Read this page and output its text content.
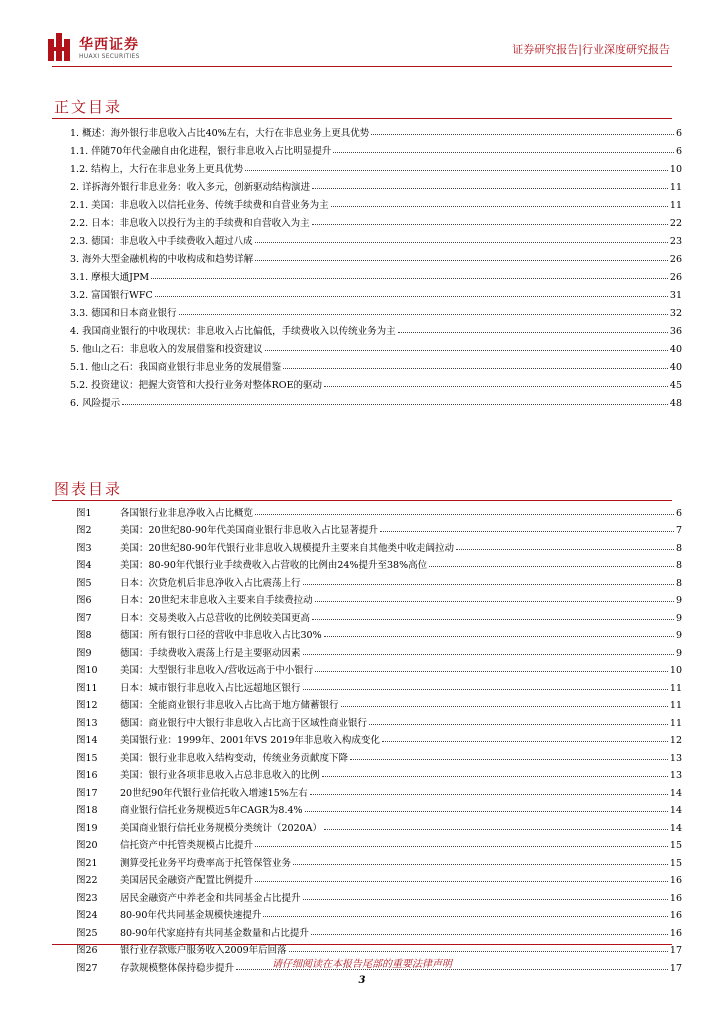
华西证券
HUAXI SECURITIES
证券研究报告|行业深度研究报告
正文目录
1. 概述：海外银行非息收入占比40%左右，大行在非息业务上更具优势	6
1.1. 伴随70年代金融自由化进程，银行非息收入占比明显提升	6
1.2. 结构上，大行在非息业务上更具优势	10
2. 详拆海外银行非息业务：收入多元，创新驱动结构演进	11
2.1. 美国：非息收入以信托业务、传统手续费和自营业务为主	11
2.2. 日本：非息收入以投行为主的手续费和自营收入为主	22
2.3. 德国：非息收入中手续费收入超过八成	23
3. 海外大型金融机构的中收构成和趋势详解	26
3.1. 摩根大通JPM	26
3.2. 富国银行WFC	31
3.3. 德国和日本商业银行	32
4. 我国商业银行的中收现状：非息收入占比偏低，手续费收入以传统业务为主	36
5. 他山之石：非息收入的发展借鉴和投资建议	40
5.1. 他山之石：我国商业银行非息业务的发展借鉴	40
5.2. 投资建议：把握大资管和大投行业务对整体ROE的驱动	45
6. 风险提示	48
图表目录
图1	各国银行业非息净收入占比概览	6
图2	美国：20世纪80-90年代美国商业银行非息收入占比显著提升	7
图3	美国：20世纪80-90年代银行业非息收入规模提升主要来自其他类中收走阔拉动	8
图4	美国：80-90年代银行业手续费收入占营收的比例由24%提升至38%高位	8
图5	日本：次贷危机后非息净收入占比震荡上行	8
图6	日本：20世纪末非息收入主要来自手续费拉动	9
图7	日本：交易类收入占总营收的比例较美国更高	9
图8	德国：所有银行口径的营收中非息收入占比30%	9
图9	德国：手续费收入震荡上行是主要驱动因素	9
图10	美国：大型银行非息收入/营收远高于中小银行	10
图11	日本：城市银行非息收入占比远超地区银行	11
图12	德国：全能商业银行非息收入占比高于地方储蓄银行	11
图13	德国：商业银行中大银行非息收入占比高于区域性商业银行	11
图14	美国银行业：1999年、2001年VS 2019年非息收入构成变化	12
图15	美国：银行业非息收入结构变动，传统业务贡献度下降	13
图16	美国：银行业各项非息收入占总非息收入的比例	13
图17	20世纪90年代银行业信托收入增速15%左右	14
图18	商业银行信托业务规模近5年CAGR为8.4%	14
图19	美国商业银行信托业务规模分类统计（2020A）	14
图20	信托资产中托管类规模占比提升	15
图21	测算受托业务平均费率高于托管保管业务	15
图22	美国居民金融资产配置比例提升	16
图23	居民金融资产中养老金和共同基金占比提升	16
图24	80-90年代共同基金规模快速提升	16
图25	80-90年代家庭持有共同基金数量和占比提升	16
图26	银行业存款账户服务收入2009年后回落	17
图27	存款规模整体保持稳步提升	17
请仔细阅读在本报告尾部的重要法律声明
3
